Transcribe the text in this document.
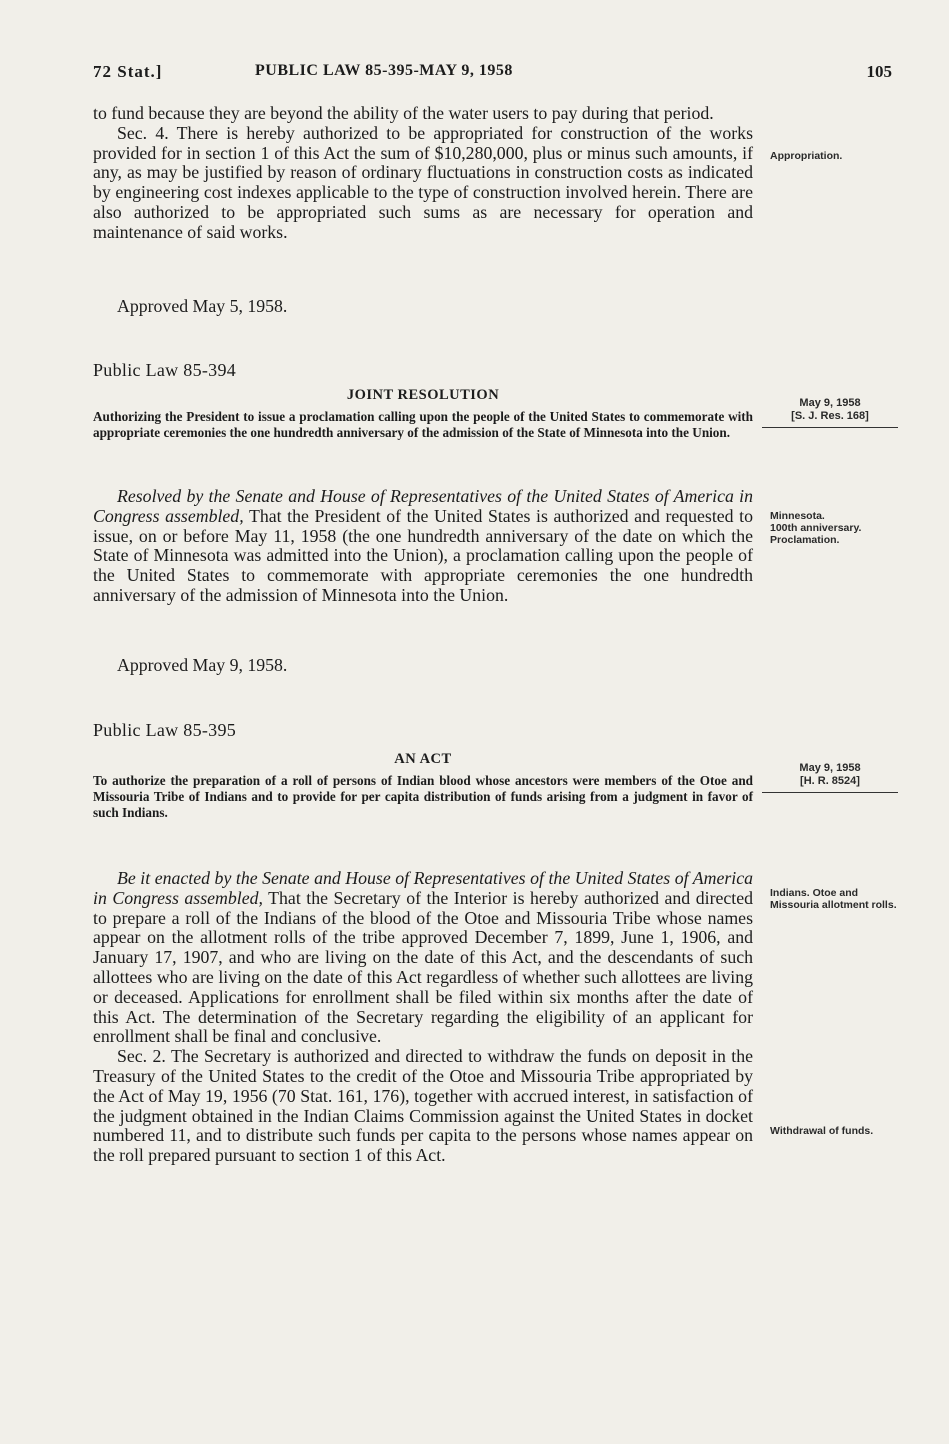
72 Stat.]	PUBLIC LAW 85-395-MAY 9, 1958	105

to fund because they are beyond the ability of the water users to pay during that period.

Sec. 4. There is hereby authorized to be appropriated for construction of the works provided for in section 1 of this Act the sum of $10,280,000, plus or minus such amounts, if any, as may be justified by reason of ordinary fluctuations in construction costs as indicated by engineering cost indexes applicable to the type of construction involved herein. There are also authorized to be appropriated such sums as are necessary for operation and maintenance of said works.

Approved May 5, 1958.
Appropriation.
Public Law 85-394
JOINT RESOLUTION
Authorizing the President to issue a proclamation calling upon the people of the United States to commemorate with appropriate ceremonies the one hundredth anniversary of the admission of the State of Minnesota into the Union.
May 9, 1958
[S. J. Res. 168]

Resolved by the Senate and House of Representatives of the United States of America in Congress assembled, That the President of the United States is authorized and requested to issue, on or before May 11, 1958 (the one hundredth anniversary of the date on which the State of Minnesota was admitted into the Union), a proclamation calling upon the people of the United States to commemorate with appropriate ceremonies the one hundredth anniversary of the admission of Minnesota into the Union.

Approved May 9, 1958.
Minnesota.
100th anniversary.
Proclamation.
Public Law 85-395
AN ACT
To authorize the preparation of a roll of persons of Indian blood whose ancestors were members of the Otoe and Missouria Tribe of Indians and to provide for per capita distribution of funds arising from a judgment in favor of such Indians.
May 9, 1958
[H. R. 8524]

Be it enacted by the Senate and House of Representatives of the United States of America in Congress assembled, That the Secretary of the Interior is hereby authorized and directed to prepare a roll of the Indians of the blood of the Otoe and Missouria Tribe whose names appear on the allotment rolls of the tribe approved December 7, 1899, June 1, 1906, and January 17, 1907, and who are living on the date of this Act, and the descendants of such allottees who are living on the date of this Act regardless of whether such allottees are living or deceased. Applications for enrollment shall be filed within six months after the date of this Act. The determination of the Secretary regarding the eligibility of an applicant for enrollment shall be final and conclusive.

Sec. 2. The Secretary is authorized and directed to withdraw the funds on deposit in the Treasury of the United States to the credit of the Otoe and Missouria Tribe appropriated by the Act of May 19, 1956 (70 Stat. 161, 176), together with accrued interest, in satisfaction of the judgment obtained in the Indian Claims Commission against the United States in docket numbered 11, and to distribute such funds per capita to the persons whose names appear on the roll prepared pursuant to section 1 of this Act.

Indians. Otoe and Missouria allotment rolls.
Withdrawal of funds.
